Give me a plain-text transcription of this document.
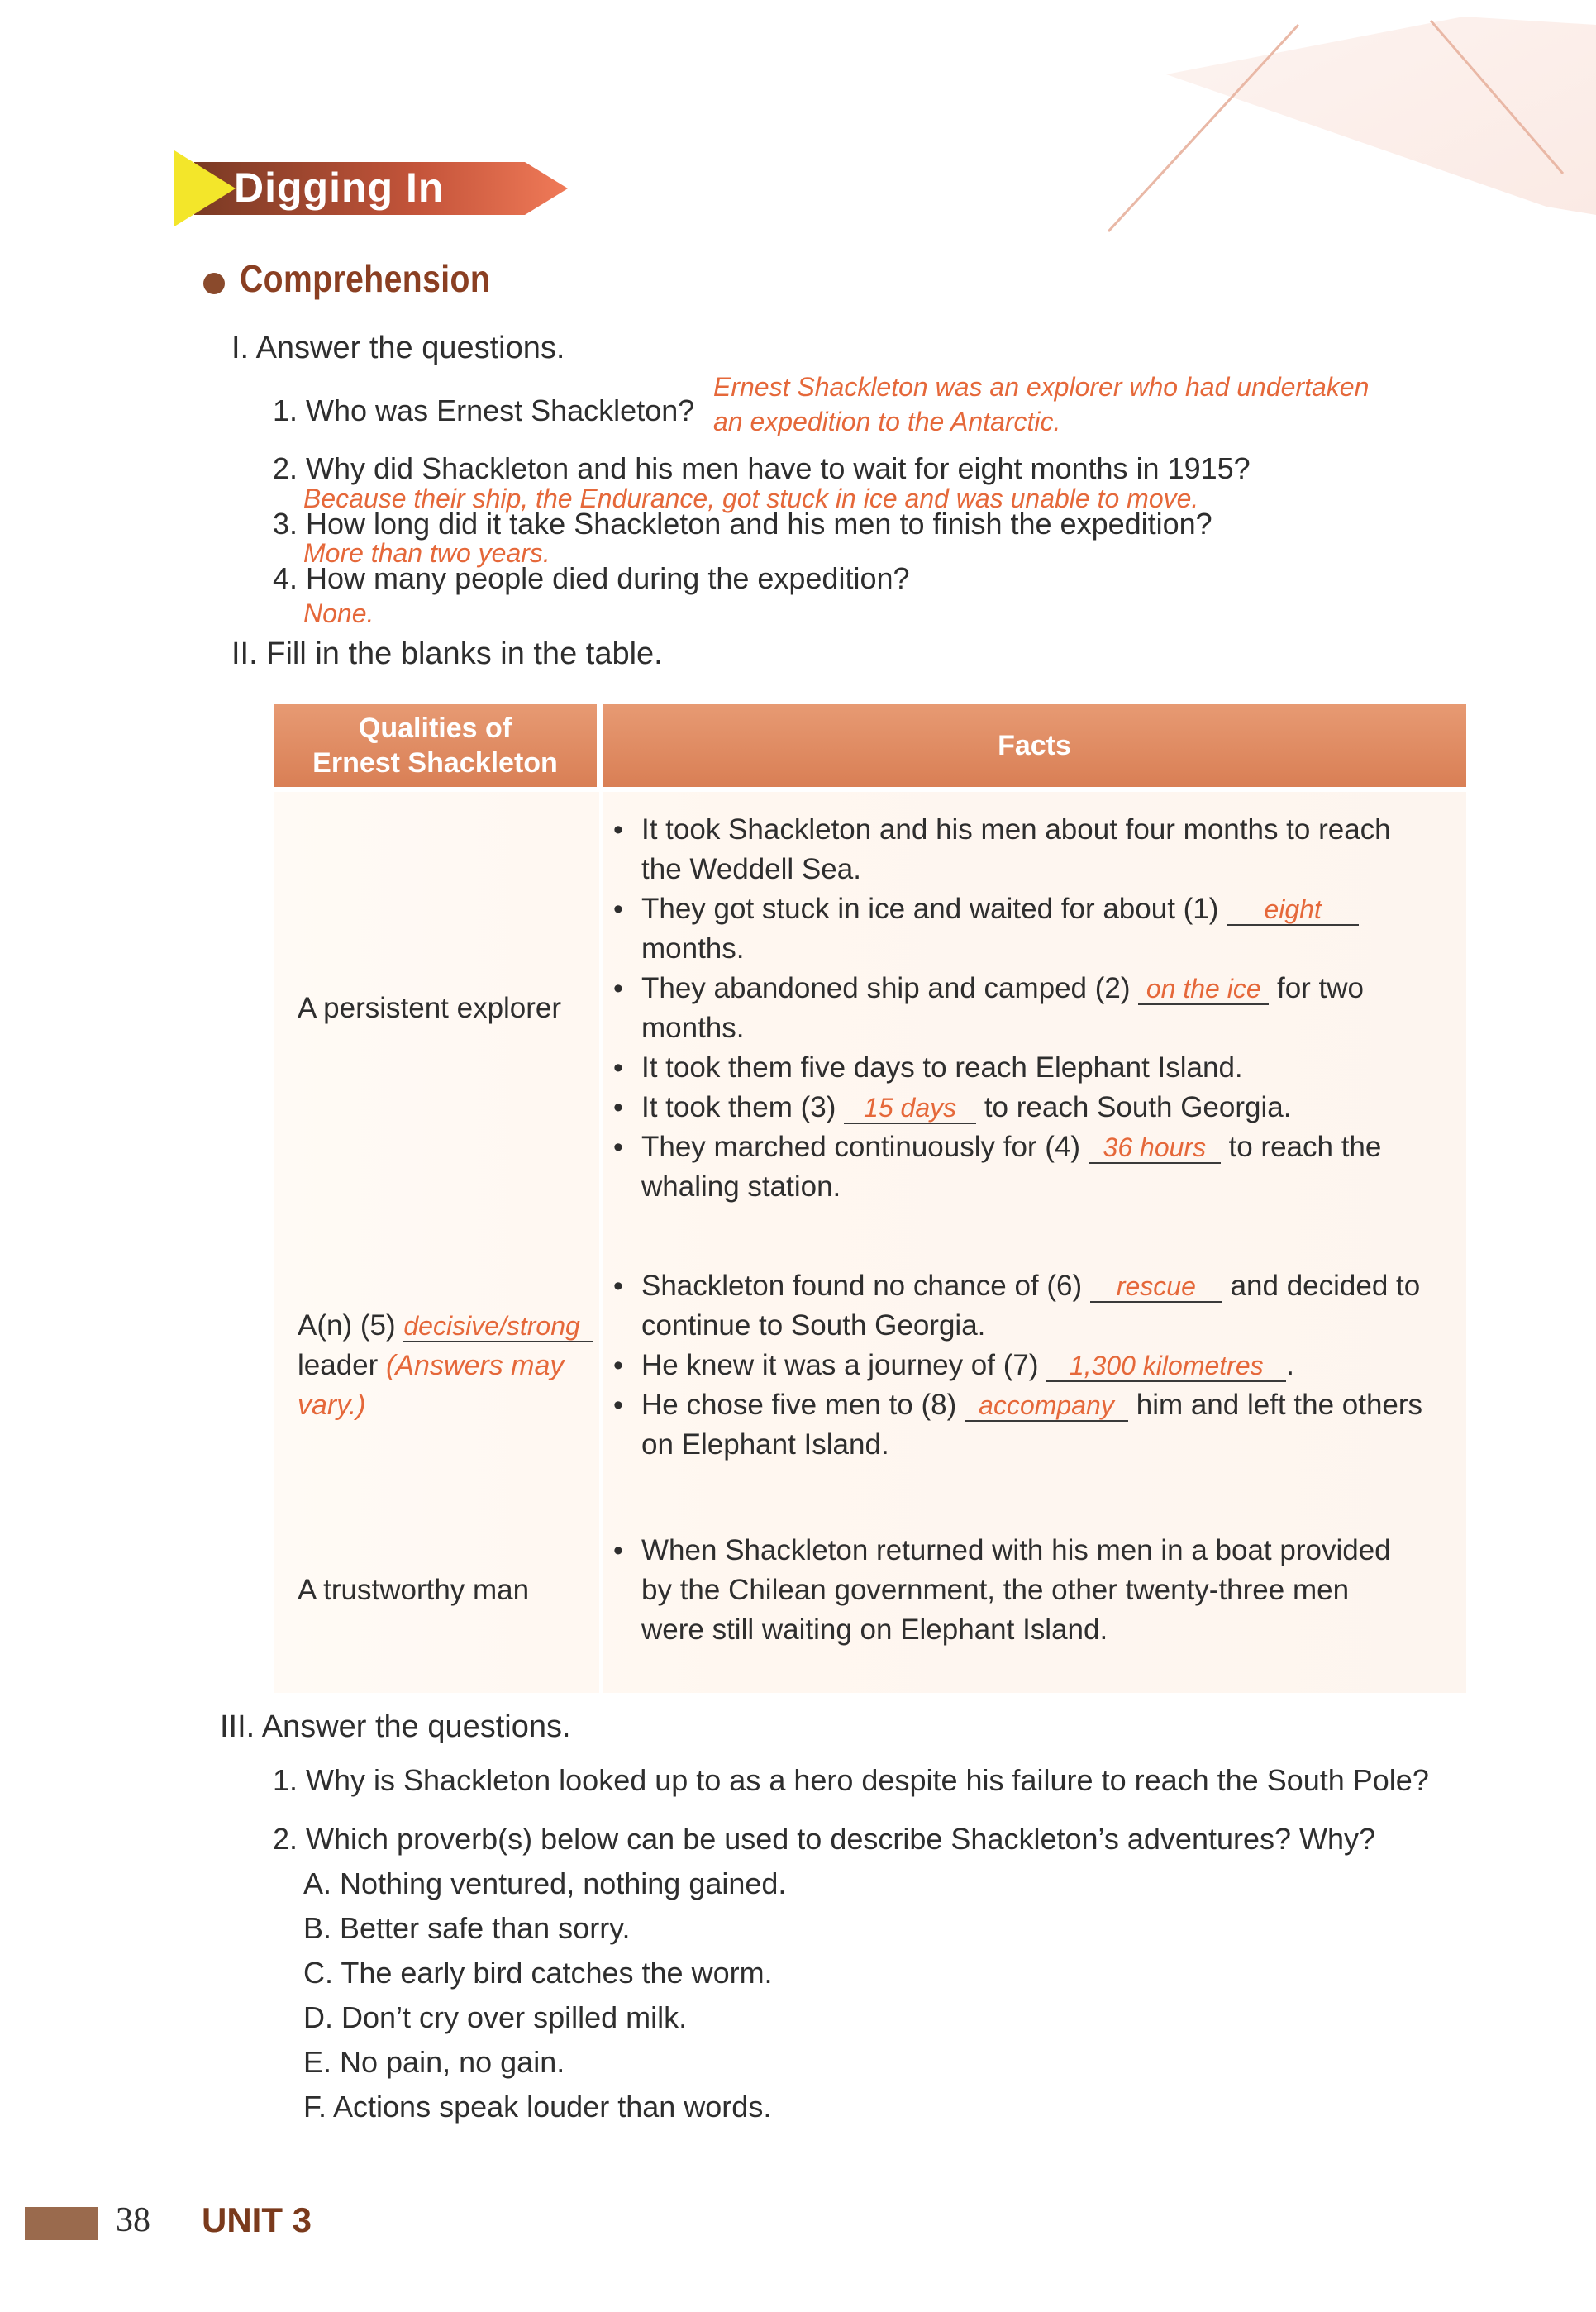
Digging In
Comprehension
I. Answer the questions.
1. Who was Ernest Shackleton?
Ernest Shackleton was an explorer who had undertaken
an expedition to the Antarctic.
2. Why did Shackleton and his men have to wait for eight months in 1915?
Because their ship, the Endurance, got stuck in ice and was unable to move.
3. How long did it take Shackleton and his men to finish the expedition?
More than two years.
4. How many people died during the expedition?
None.
II. Fill in the blanks in the table.
Qualities of Ernest Shackleton
Facts
A persistent explorer
• It took Shackleton and his men about four months to reach
the Weddell Sea.
• They got stuck in ice and waited for about (1) eight
months.
• They abandoned ship and camped (2) on the ice for two
months.
• It took them five days to reach Elephant Island.
• It took them (3) 15 days to reach South Georgia.
• They marched continuously for (4) 36 hours to reach the
whaling station.
A(n) (5) decisive/strong
leader (Answers may
vary.)
• Shackleton found no chance of (6) rescue and decided to
continue to South Georgia.
• He knew it was a journey of (7) 1,300 kilometres .
• He chose five men to (8) accompany him and left the others
on Elephant Island.
A trustworthy man
• When Shackleton returned with his men in a boat provided
by the Chilean government, the other twenty-three men
were still waiting on Elephant Island.
III. Answer the questions.
1. Why is Shackleton looked up to as a hero despite his failure to reach the South Pole?
2. Which proverb(s) below can be used to describe Shackleton’s adventures? Why?
A. Nothing ventured, nothing gained.
B. Better safe than sorry.
C. The early bird catches the worm.
D. Don’t cry over spilled milk.
E. No pain, no gain.
F. Actions speak louder than words.
38 UNIT 3
